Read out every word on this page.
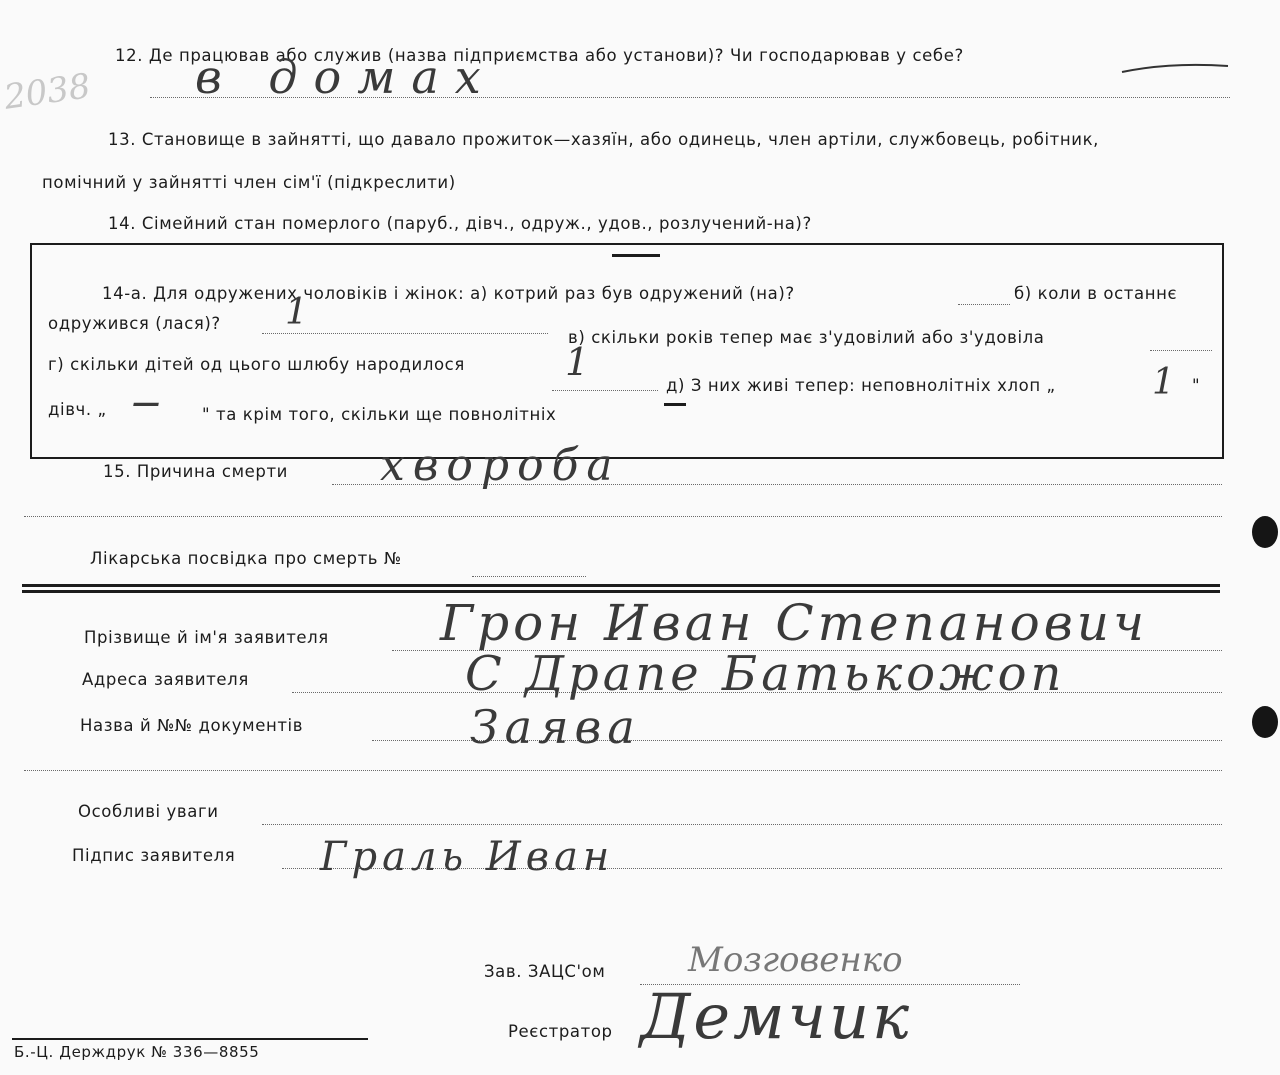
2038
12. Де працював або служив (назва підприємства або установи)? Чи господарював у себе?
в домах
13. Становище в зайнятті, що давало прожиток—хазяїн, або одинець, член артіли, службовець, робітник,
помічний у зайнятті член сім'ї (підкреслити)
14. Сімейний стан померлого (паруб., дівч., одруж., удов., розлучений-на)?
14-а. Для одружених чоловіків і жінок: а) котрий раз був одружений (на)?	б) коли в останнє
одружився (лася)? 1
в) скільки років тепер має з'удовілий або з'удовіла
г) скільки дітей од цього шлюбу народилося	1
д) З них живі тепер: неповнолітніх хлоп „	1 "
дівч. „ —	" та крім того, скільки ще повнолітніх
15. Причина смерти хвороба
Лікарська посвідка про смерть №
Прізвище й ім'я заявителя Грон Иван Степанович
Адреса заявителя	С Драпе Батькожоп
Назва й №№ документів	Заява
Особливі уваги
Підпис заявителя Граль Иван
Зав. ЗАЦС'ом Мозговенко
Реєстратор Демчик
Б.-Ц. Держдрук № 336—8855
